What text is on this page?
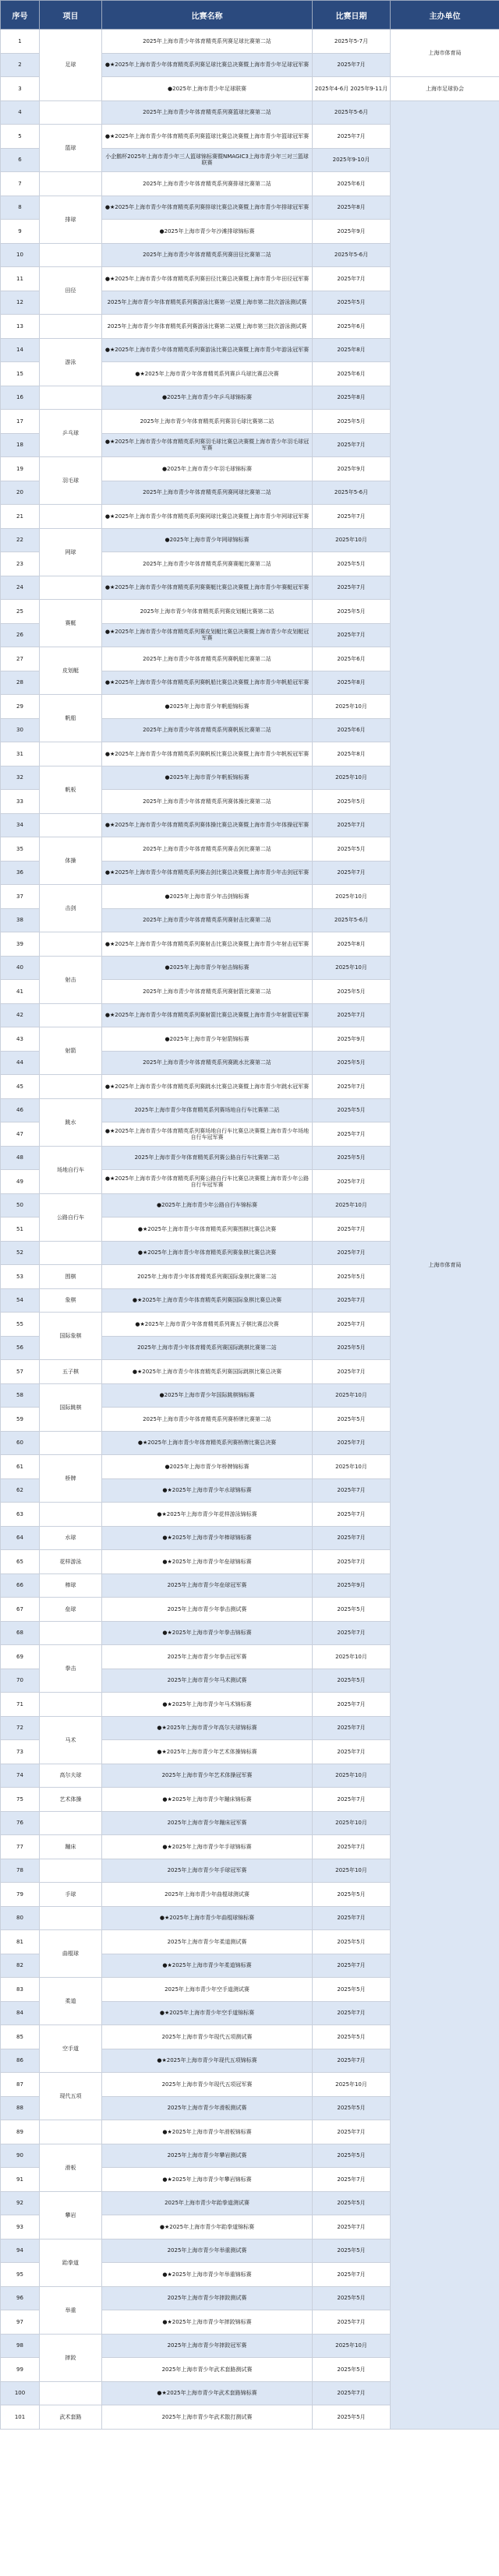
序号	项目	比赛名称	比赛日期	主办单位
1	足球	2025年上海市青少年体育精英系列赛足球比赛第二站	2025年5-7月	上海市体育局
2		●★2025年上海市青少年体育精英系列赛足球比赛总决赛暨上海市青少年足球冠军赛	2025年7月	
3		●2025年上海市青少年足球联赛	2025年4-6月 2025年9-11月	上海市足球协会
4		2025年上海市青少年体育精英系列赛篮球比赛第二站	2025年5-6月	上海市体育局
5	篮球	●★2025年上海市青少年体育精英系列赛篮球比赛总决赛暨上海市青少年篮球冠军赛	2025年7月	
6		小企鹅杯2025年上海市青少年三人篮球锦标赛暨NMAGIC3上海市青少年三对三篮球联赛	2025年9-10月	
7		2025年上海市青少年体育精英系列赛排球比赛第二站	2025年6月	
8	排球	●★2025年上海市青少年体育精英系列赛排球比赛总决赛暨上海市青少年排球冠军赛	2025年8月	
9		●2025年上海市青少年沙滩排球锦标赛	2025年9月	
10		2025年上海市青少年体育精英系列赛田径比赛第二站	2025年5-6月	
11	田径	●★2025年上海市青少年体育精英系列赛田径比赛总决赛暨上海市青少年田径冠军赛	2025年7月	
12		2025年上海市青少年体育精英系列赛游泳比赛第一站暨上海市第二批次游泳测试赛	2025年5月	
13		2025年上海市青少年体育精英系列赛游泳比赛第二站暨上海市第三批次游泳测试赛	2025年6月	
14	游泳	●★2025年上海市青少年体育精英系列赛游泳比赛总决赛暨上海市青少年游泳冠军赛	2025年8月	
15		●★2025年上海市青少年体育精英系列赛乒乓球比赛总决赛	2025年6月	
16		●2025年上海市青少年乒乓球锦标赛	2025年8月	
17	乒乓球	2025年上海市青少年体育精英系列赛羽毛球比赛第二站	2025年5月	
18		●★2025年上海市青少年体育精英系列赛羽毛球比赛总决赛暨上海市青少年羽毛球冠军赛	2025年7月	
19	羽毛球	●2025年上海市青少年羽毛球锦标赛	2025年9月	
20		2025年上海市青少年体育精英系列赛网球比赛第二站	2025年5-6月	
21		●★2025年上海市青少年体育精英系列赛网球比赛总决赛暨上海市青少年网球冠军赛	2025年7月	
22	网球	●2025年上海市青少年网球锦标赛	2025年10月	
23		2025年上海市青少年体育精英系列赛赛艇比赛第二站	2025年5月	
24		●★2025年上海市青少年体育精英系列赛赛艇比赛总决赛暨上海市青少年赛艇冠军赛	2025年7月	
25	赛艇	2025年上海市青少年体育精英系列赛皮划艇比赛第二站	2025年5月	
26		●★2025年上海市青少年体育精英系列赛皮划艇比赛总决赛暨上海市青少年皮划艇冠军赛	2025年7月	
27	皮划艇	2025年上海市青少年体育精英系列赛帆船比赛第二站	2025年6月	
28		●★2025年上海市青少年体育精英系列赛帆船比赛总决赛暨上海市青少年帆船冠军赛	2025年8月	
29	帆船	●2025年上海市青少年帆船锦标赛	2025年10月	
30		2025年上海市青少年体育精英系列赛帆板比赛第二站	2025年6月	
31		●★2025年上海市青少年体育精英系列赛帆板比赛总决赛暨上海市青少年帆板冠军赛	2025年8月	
32	帆板	●2025年上海市青少年帆板锦标赛	2025年10月	
33		2025年上海市青少年体育精英系列赛体操比赛第二站	2025年5月	
34		●★2025年上海市青少年体育精英系列赛体操比赛总决赛暨上海市青少年体操冠军赛	2025年7月	
35	体操	2025年上海市青少年体育精英系列赛击剑比赛第二站	2025年5月	
36		●★2025年上海市青少年体育精英系列赛击剑比赛总决赛暨上海市青少年击剑冠军赛	2025年7月	
37	击剑	●2025年上海市青少年击剑锦标赛	2025年10月	
38		2025年上海市青少年体育精英系列赛射击比赛第二站	2025年5-6月	
39		●★2025年上海市青少年体育精英系列赛射击比赛总决赛暨上海市青少年射击冠军赛	2025年8月	
40	射击	●2025年上海市青少年射击锦标赛	2025年10月	
41		2025年上海市青少年体育精英系列赛射箭比赛第二站	2025年5月	
42		●★2025年上海市青少年体育精英系列赛射箭比赛总决赛暨上海市青少年射箭冠军赛	2025年7月	
43	射箭	●2025年上海市青少年射箭锦标赛	2025年9月	
44		2025年上海市青少年体育精英系列赛跳水比赛第二站	2025年5月	
45		●★2025年上海市青少年体育精英系列赛跳水比赛总决赛暨上海市青少年跳水冠军赛	2025年7月	
46	跳水	2025年上海市青少年体育精英系列赛场地自行车比赛第二站	2025年5月	
47		●★2025年上海市青少年体育精英系列赛场地自行车比赛总决赛暨上海市青少年场地自行车冠军赛	2025年7月	
48	场地自行车	2025年上海市青少年体育精英系列赛公路自行车比赛第二站	2025年5月	
49		●★2025年上海市青少年体育精英系列赛公路自行车比赛总决赛暨上海市青少年公路自行车冠军赛	2025年7月	
50	公路自行车	●2025年上海市青少年公路自行车锦标赛	2025年10月	
51		●★2025年上海市青少年体育精英系列赛围棋比赛总决赛	2025年7月	
52		●★2025年上海市青少年体育精英系列赛象棋比赛总决赛	2025年7月	
53	围棋	2025年上海市青少年体育精英系列赛国际象棋比赛第二站	2025年5月	
54	象棋	●★2025年上海市青少年体育精英系列赛国际象棋比赛总决赛	2025年7月	
55	国际象棋	●★2025年上海市青少年体育精英系列赛五子棋比赛总决赛	2025年7月	
56		2025年上海市青少年体育精英系列赛国际跳棋比赛第二站	2025年5月	
57	五子棋	●★2025年上海市青少年体育精英系列赛国际跳棋比赛总决赛	2025年7月	
58	国际跳棋	●2025年上海市青少年国际跳棋锦标赛	2025年10月	
59		2025年上海市青少年体育精英系列赛桥牌比赛第二站	2025年5月	
60		●★2025年上海市青少年体育精英系列赛桥牌比赛总决赛	2025年7月	
61	桥牌	●2025年上海市青少年桥牌锦标赛	2025年10月	
62		●★2025年上海市青少年水球锦标赛	2025年7月	
63		●★2025年上海市青少年花样游泳锦标赛	2025年7月	
64	水球	●★2025年上海市青少年棒球锦标赛	2025年7月	
65	花样游泳	●★2025年上海市青少年垒球锦标赛	2025年7月	
66	棒球	2025年上海市青少年垒球冠军赛	2025年9月	
67	垒球	2025年上海市青少年拳击测试赛	2025年5月	
68		●★2025年上海市青少年拳击锦标赛	2025年7月	
69	拳击	2025年上海市青少年拳击冠军赛	2025年10月	
70		2025年上海市青少年马术测试赛	2025年5月	
71		●★2025年上海市青少年马术锦标赛	2025年7月	
72	马术	●★2025年上海市青少年高尔夫球锦标赛	2025年7月	
73		●★2025年上海市青少年艺术体操锦标赛	2025年7月	
74	高尔夫球	2025年上海市青少年艺术体操冠军赛	2025年10月	
75	艺术体操	●★2025年上海市青少年蹦床锦标赛	2025年7月	
76		2025年上海市青少年蹦床冠军赛	2025年10月	
77	蹦床	●★2025年上海市青少年手球锦标赛	2025年7月	
78		2025年上海市青少年手球冠军赛	2025年10月	
79	手球	2025年上海市青少年曲棍球测试赛	2025年5月	
80		●★2025年上海市青少年曲棍球锦标赛	2025年7月	
81	曲棍球	2025年上海市青少年柔道测试赛	2025年5月	
82		●★2025年上海市青少年柔道锦标赛	2025年7月	
83	柔道	2025年上海市青少年空手道测试赛	2025年5月	
84		●★2025年上海市青少年空手道锦标赛	2025年7月	
85	空手道	2025年上海市青少年现代五项测试赛	2025年5月	
86		●★2025年上海市青少年现代五项锦标赛	2025年7月	
87	现代五项	2025年上海市青少年现代五项冠军赛	2025年10月	
88		2025年上海市青少年滑板测试赛	2025年5月	
89		●★2025年上海市青少年滑板锦标赛	2025年7月	
90	滑板	2025年上海市青少年攀岩测试赛	2025年5月	
91		●★2025年上海市青少年攀岩锦标赛	2025年7月	
92	攀岩	2025年上海市青少年跆拳道测试赛	2025年5月	
93		●★2025年上海市青少年跆拳道锦标赛	2025年7月	
94	跆拳道	2025年上海市青少年举重测试赛	2025年5月	
95		●★2025年上海市青少年举重锦标赛	2025年7月	
96	举重	2025年上海市青少年摔跤测试赛	2025年5月	
97		●★2025年上海市青少年摔跤锦标赛	2025年7月	
98	摔跤	2025年上海市青少年摔跤冠军赛	2025年10月	
99		2025年上海市青少年武术套路测试赛	2025年5月	
100		●★2025年上海市青少年武术套路锦标赛	2025年7月	
101	武术套路	2025年上海市青少年武术散打测试赛	2025年5月	
